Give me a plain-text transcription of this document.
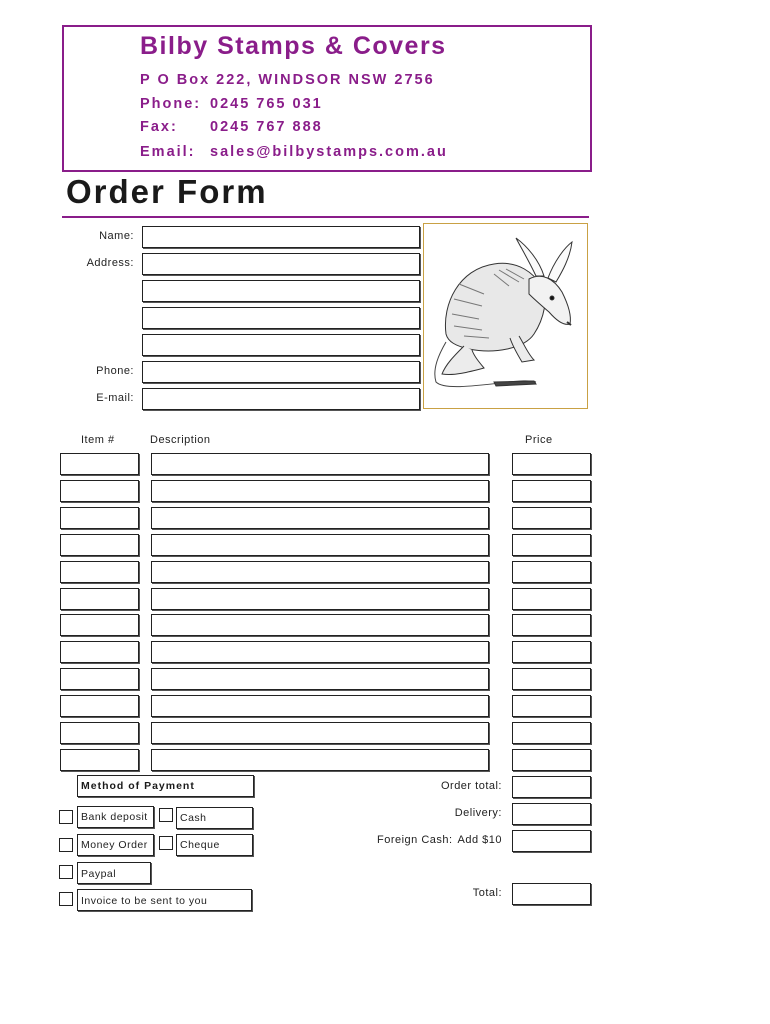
Bilby Stamps & Covers
P O Box 222, WINDSOR NSW 2756
Phone: 0245 765 031
Fax: 0245 767 888
Email: sales@bilbystamps.com.au
Order Form
Name:
Address:
Phone:
E-mail:
Item #	Description	Price
Order total:
Delivery:
Foreign Cash: Add $10
Total:
Method of Payment
Bank deposit	Cash
Money Order	Cheque
Paypal
Invoice to be sent to you
